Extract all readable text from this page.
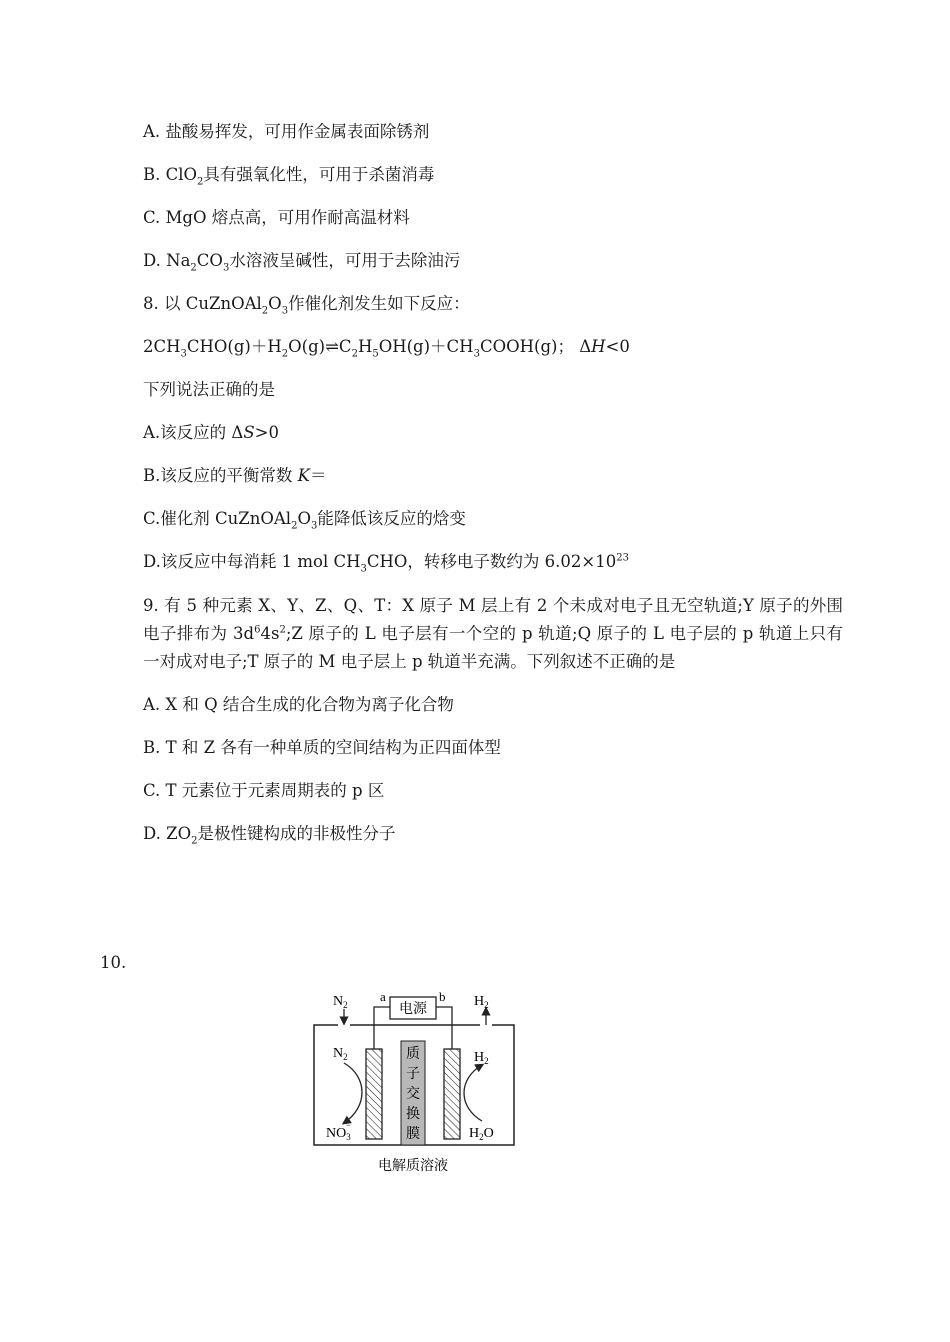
A. 盐酸易挥发，可用作金属表面除锈剂
B. ClO$_2$具有强氧化性，可用于杀菌消毒
C. MgO 熔点高，可用作耐高温材料
D. $Na_2CO_3$水溶液呈碱性，可用于去除油污
8. 以 $CuZnOAl_2O_3$作催化剂发生如下反应：
$2CH_3CHO(g)+H_2O(g)\rightleftharpoons C_2H_5OH(g)+CH_3COOH(g)$； ΔH<0
下列说法正确的是
A.该反应的 ΔS>0
B.该反应的平衡常数 K＝
C.催化剂 $CuZnOAl_2O_3$能降低该反应的焓变
D.该反应中每消耗 1 mol $CH_3CHO$，转移电子数约为 $6.02\times 10^{23}$
9. 有 5 种元素 X、Y、Z、Q、T：X 原子 M 层上有 2 个未成对电子且无空轨道;Y 原子的外围电子排布为 $3d^64s^2;Z$ 原子的 L 电子层有一个空的 p 轨道;Q 原子的 L 电子层的 p 轨道上只有一对成对电子;T 原子的 M 电子层上 p 轨道半充满。下列叙述不正确的是
A. X 和 Q 结合生成的化合物为离子化合物
B. T 和 Z 各有一种单质的空间结构为正四面体型
C. T 元素位于元素周期表的 p 区
D. $ZO_2$是极性键构成的非极性分子
10.
电源
a	b
质
子
交
换
膜
$N_2$	$H_2$
$N_2$
$NO_3-$
$H_2$
$H_2O$
电解质溶液
